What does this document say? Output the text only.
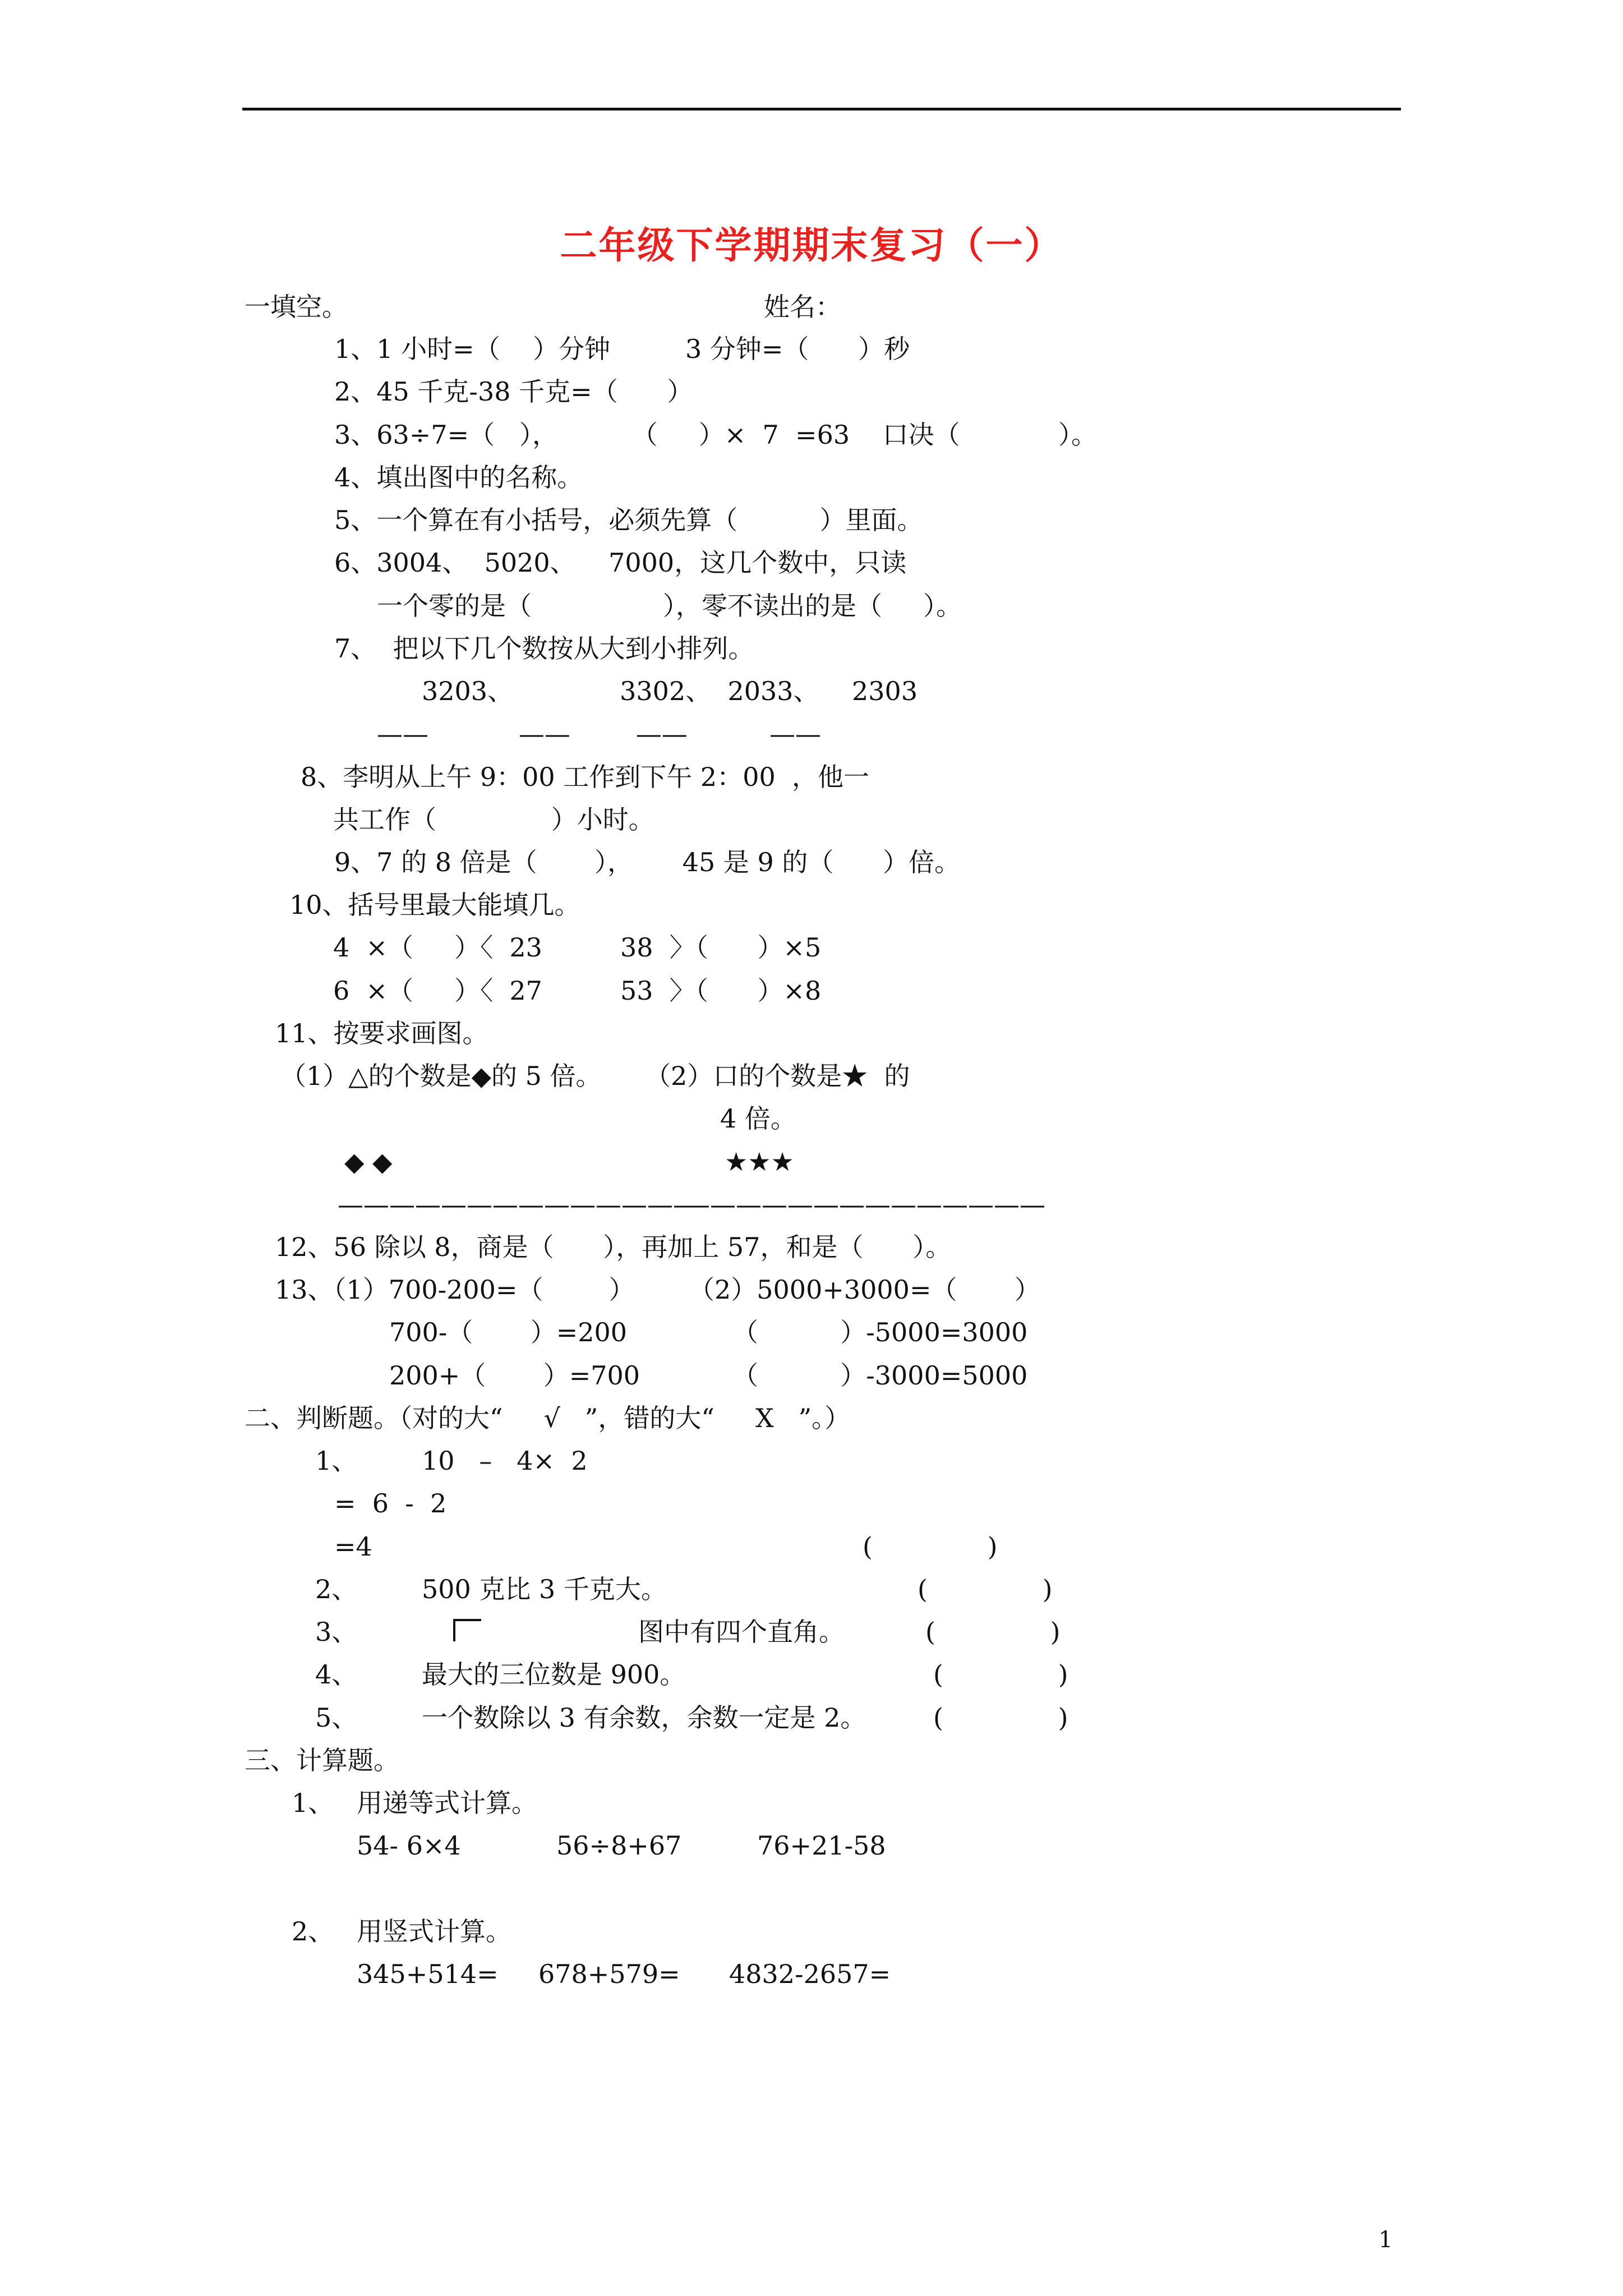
二年级下学期期末复习（一）
一填空。	姓名：
1、1 小时=（    ）分钟	3 分钟=（      ）秒
2、45 千克-38 千克=（      ）
3、63÷7=（   ），         （     ）×  7  =63    口决（            ）。
4、填出图中的名称。
5、一个算在有小括号，必须先算（          ）里面。
6、3004、  5020、    7000，这几个数中，只读
一个零的是（                ），零不读出的是（     ）。
7、  把以下几个数按从大到小排列。
3203、             3302、  2033、    2303
——           ——        ——          ——
8、李明从上午 9：00 工作到下午 2：00  ，他一
共工作（              ）小时。
9、7 的 8 倍是（       ），      45 是 9 的（      ）倍。
10、括号里最大能填几。
4  ×（     ）〈  23	38  〉（      ）×5
6  ×（     ）〈  27	53  〉（      ）×8
11、按要求画图。
（1）△的个数是◆的 5 倍。 （2）口的个数是★  的
4 倍。
◆ ◆	★★★
——————————————
——————————————
12、56 除以 8，商是（      ），再加上 57，和是（      ）。
13、（1）700-200=（        ） （2）5000+3000=（       ）
700-（       ）=200	（          ）-5000=3000
200+（       ）=700	（          ）-3000=5000
二、判断题。（对的大“     √   ”，错的大“     X   ”。）
1、 10   –   4×  2
=  6  -  2
=4	(              )
2、 500 克比 3 千克大。	(              )
3、	图中有四个直角。	(              )
4、 最大的三位数是 900。	(              )
5、 一个数除以 3 有余数，余数一定是 2。	(              )
三、计算题。
1、 用递等式计算。
54- 6×4	56÷8+67	76+21-58
2、 用竖式计算。
345+514= 678+579= 4832-2657=
1
